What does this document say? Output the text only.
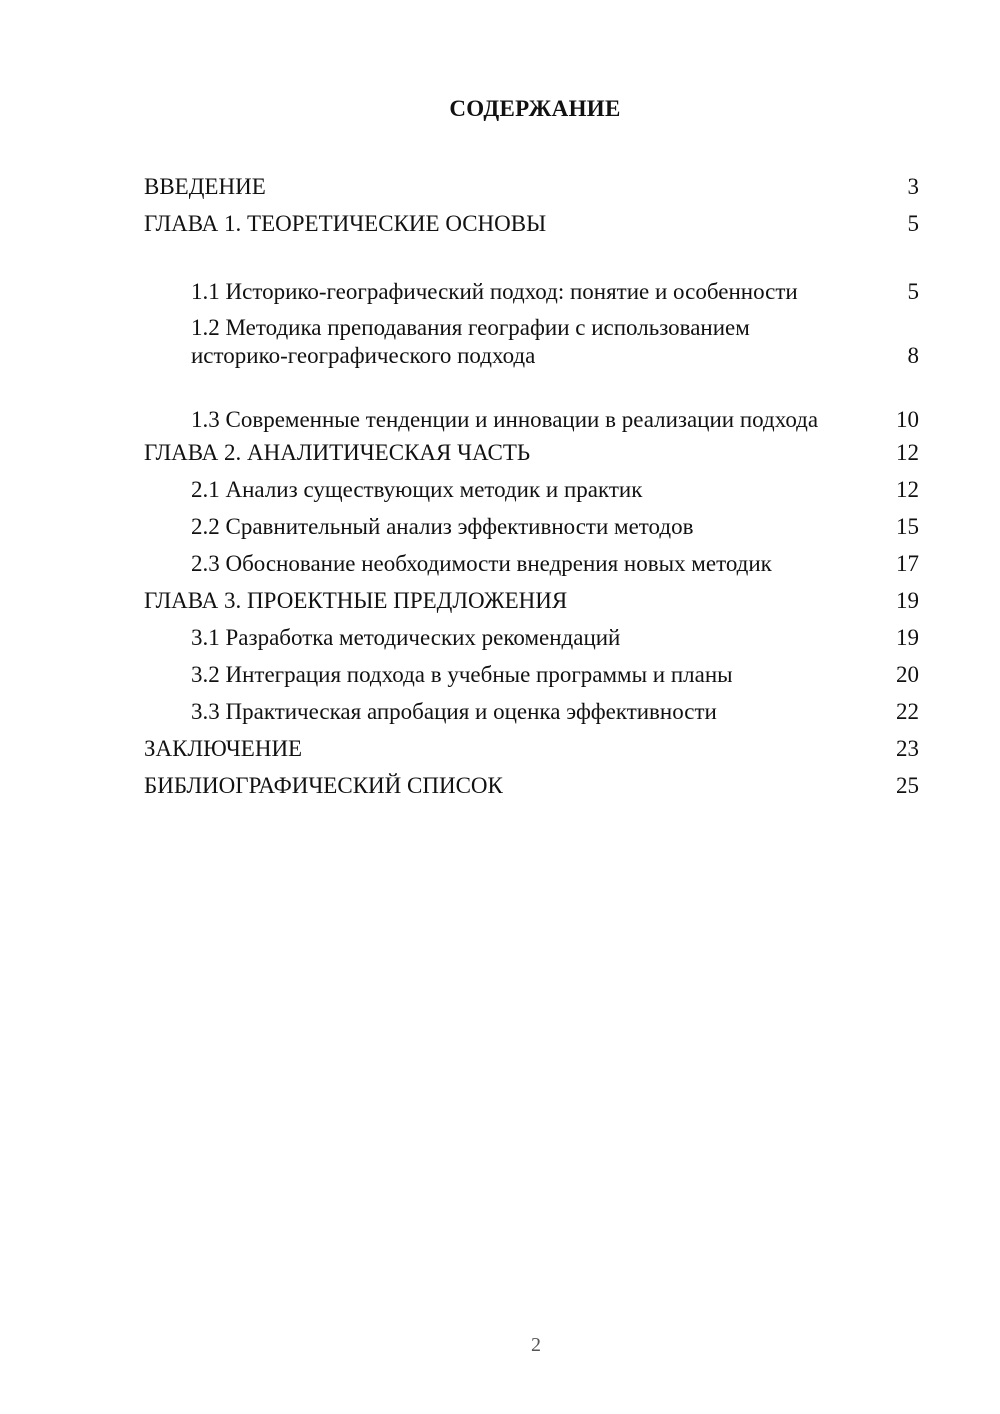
СОДЕРЖАНИЕ
ВВЕДЕНИЕ	3
ГЛАВА 1. ТЕОРЕТИЧЕСКИЕ ОСНОВЫ	5
1.1 Историко-географический подход: понятие и особенности	5
1.2 Методика преподавания географии с использованием историко-географического подхода	8
1.3 Современные тенденции и инновации в реализации подхода	10
ГЛАВА 2. АНАЛИТИЧЕСКАЯ ЧАСТЬ	12
2.1 Анализ существующих методик и практик	12
2.2 Сравнительный анализ эффективности методов	15
2.3 Обоснование необходимости внедрения новых методик	17
ГЛАВА 3. ПРОЕКТНЫЕ ПРЕДЛОЖЕНИЯ	19
3.1 Разработка методических рекомендаций	19
3.2 Интеграция подхода в учебные программы и планы	20
3.3 Практическая апробация и оценка эффективности	22
ЗАКЛЮЧЕНИЕ	23
БИБЛИОГРАФИЧЕСКИЙ СПИСОК	25
2
